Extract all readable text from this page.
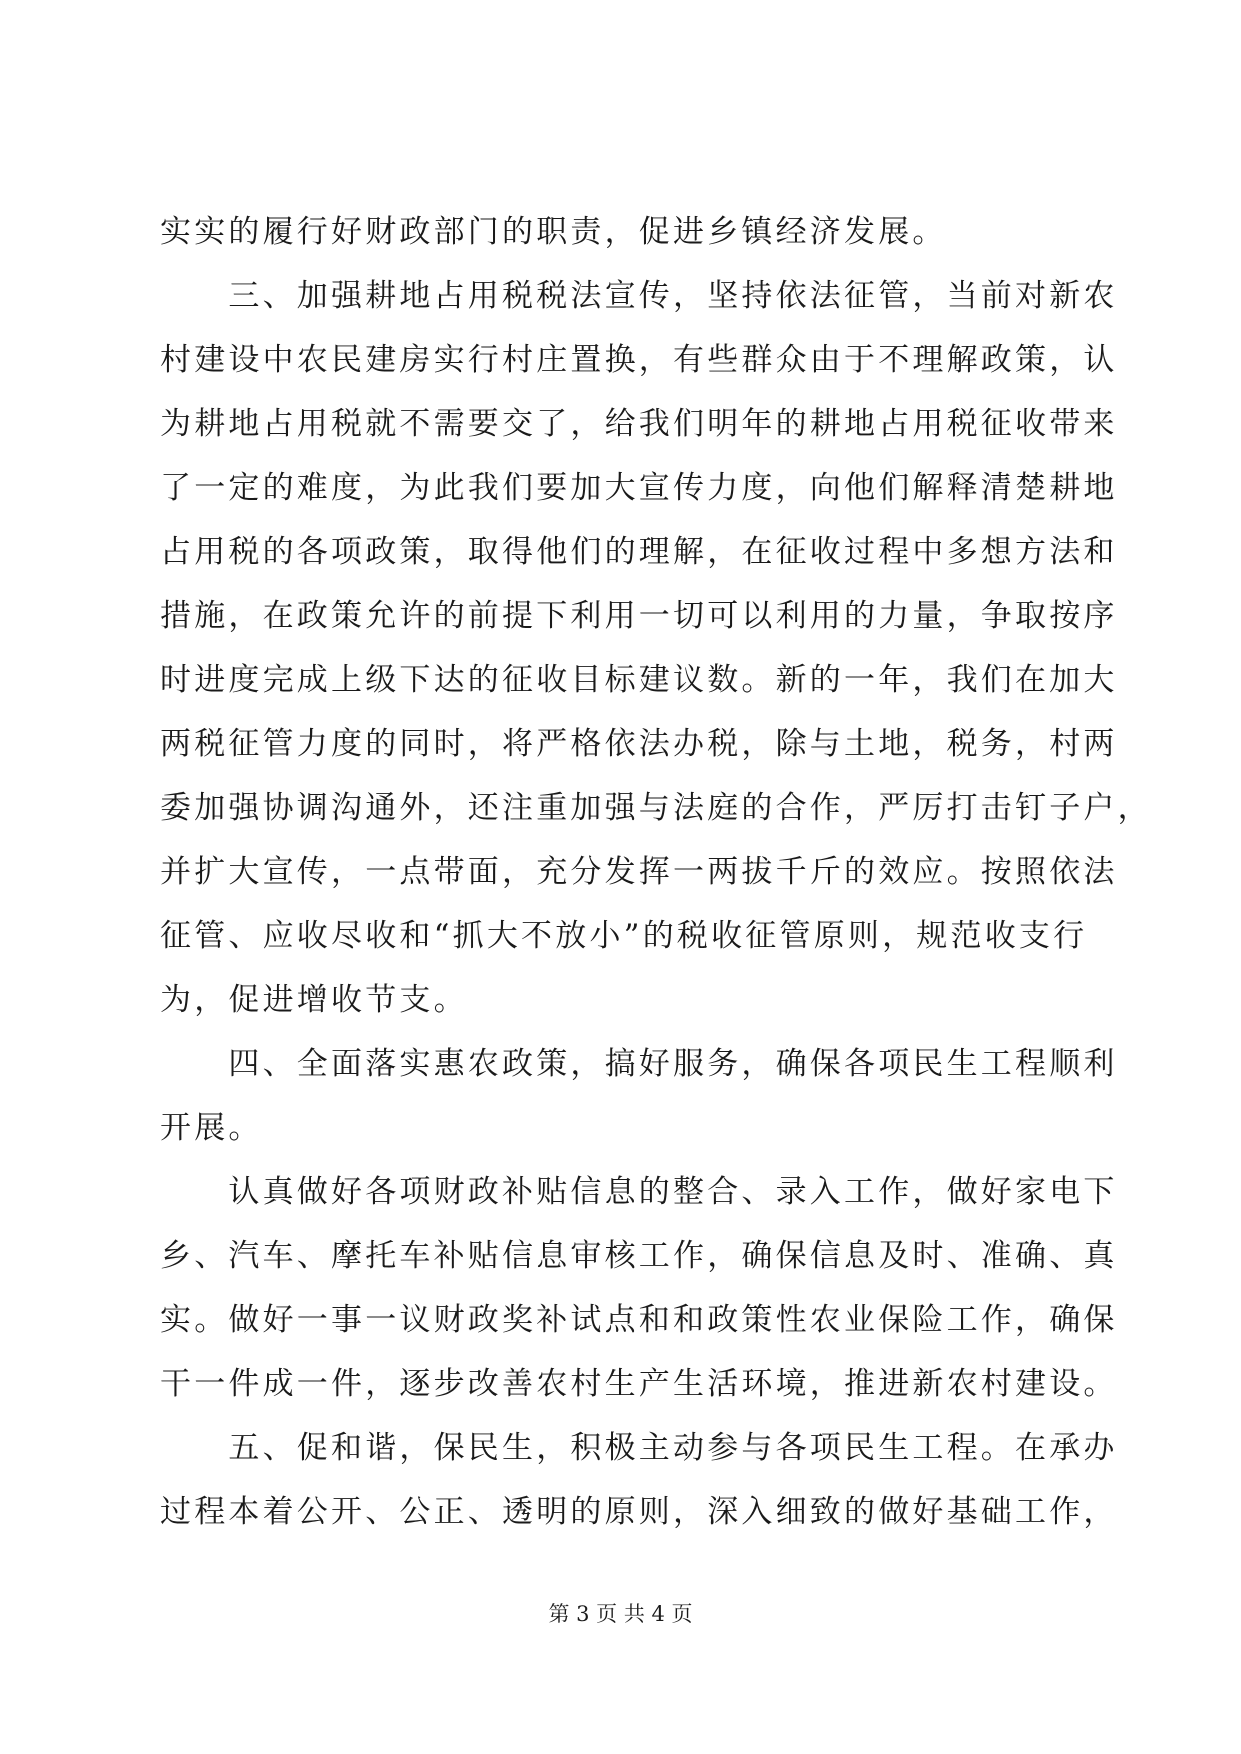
实实的履行好财政部门的职责，促进乡镇经济发展。
　　三、加强耕地占用税税法宣传，坚持依法征管，当前对新农
村建设中农民建房实行村庄置换，有些群众由于不理解政策，认
为耕地占用税就不需要交了，给我们明年的耕地占用税征收带来
了一定的难度，为此我们要加大宣传力度，向他们解释清楚耕地
占用税的各项政策，取得他们的理解，在征收过程中多想方法和
措施，在政策允许的前提下利用一切可以利用的力量，争取按序
时进度完成上级下达的征收目标建议数。新的一年，我们在加大
两税征管力度的同时，将严格依法办税，除与土地，税务，村两
委加强协调沟通外，还注重加强与法庭的合作，严厉打击钉子户，
并扩大宣传，一点带面，充分发挥一两拔千斤的效应。按照依法
征管、应收尽收和“抓大不放小”的税收征管原则，规范收支行
为，促进增收节支。
　　四、全面落实惠农政策，搞好服务，确保各项民生工程顺利
开展。
　　认真做好各项财政补贴信息的整合、录入工作，做好家电下
乡、汽车、摩托车补贴信息审核工作，确保信息及时、准确、真
实。做好一事一议财政奖补试点和和政策性农业保险工作，确保
干一件成一件，逐步改善农村生产生活环境，推进新农村建设。
　　五、促和谐，保民生，积极主动参与各项民生工程。在承办
过程本着公开、公正、透明的原则，深入细致的做好基础工作，
第 3 页 共 4 页
